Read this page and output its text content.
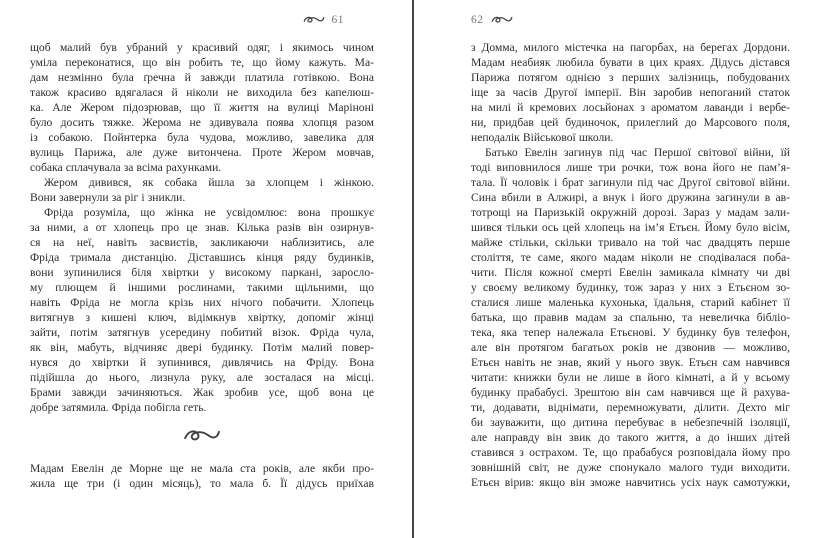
61
щоб малий був убраний у красивий одяг, і якимось чином
уміла переконатися, що він робить те, що йому кажуть. Ма-
дам незмінно була ґречна й завжди платила готівкою. Вона
також красиво вдягалася й ніколи не виходила без капелюш-
ка. Але Жером підозрював, що її життя на вулиці Маріноні
було досить тяжке. Жерома не здивувала поява хлопця разом
із собакою. Пойнтерка була чудова, можливо, завелика для
вулиць Парижа, але дуже витончена. Проте Жером мовчав,
собака сплачувала за всіма рахунками.
Жером дивився, як собака йшла за хлопцем і жінкою.
Вони завернули за ріг і зникли.
Фріда розуміла, що жінка не усвідомлює: вона прошкує
за ними, а от хлопець про це знав. Кілька разів він озирнув-
ся на неї, навіть засвистів, закликаючи наблизитись, але
Фріда тримала дистанцію. Діставшись кінця ряду будинків,
вони зупинилися біля хвіртки у високому паркані, заросло-
му плющем й іншими рослинами, такими щільними, що
навіть Фріда не могла крізь них нічого побачити. Хлопець
витягнув з кишені ключ, відімкнув хвіртку, допоміг жінці
зайти, потім затягнув усередину побитий візок. Фріда чула,
як він, мабуть, відчиняє двері будинку. Потім малий повер-
нувся до хвіртки й зупинився, дивлячись на Фріду. Вона
підійшла до нього, лизнула руку, але зосталася на місці.
Брами завжди зачиняються. Жак зробив усе, щоб вона це
добре затямила. Фріда побігла геть.
Мадам Евелін де Морне ще не мала ста років, але якби про-
жила ще три (і один місяць), то мала б. Її дідусь приїхав
62
з Домма, милого містечка на пагорбах, на берегах Дордони.
Мадам неабияк любила бувати в цих краях. Дідусь дістався
Парижа потягом однією з перших залізниць, побудованих
іще за часів Другої імперії. Він заробив непоганий статок
на милі й кремових лосьйонах з ароматом лаванди і вербе-
ни, придбав цей будиночок, прилеглий до Марсового поля,
неподалік Військової школи.
Батько Евелін загинув під час Першої світової війни, їй
тоді виповнилося лише три рочки, тож вона його не пам’я-
тала. Її чоловік і брат загинули під час Другої світової війни.
Сина вбили в Алжирі, а внук і його дружина загинули в ав-
тотрощі на Паризькій окружній дорозі. Зараз у мадам зали-
шився тільки ось цей хлопець на ім’я Етьєн. Йому було вісім,
майже стільки, скільки тривало на той час двадцять перше
століття, те саме, якого мадам ніколи не сподівалася поба-
чити. Після кожної смерті Евелін замикала кімнату чи дві
у своєму великому будинку, тож зараз у них з Етьєном зо-
сталися лише маленька кухонька, їдальня, старий кабінет її
батька, що правив мадам за спальню, та невеличка бібліо-
тека, яка тепер належала Етьєнові. У будинку був телефон,
але він протягом багатьох років не дзвонив — можливо,
Етьєн навіть не знав, який у нього звук. Етьєн сам навчився
читати: книжки були не лише в його кімнаті, а й у всьому
будинку прабабусі. Зрештою він сам навчився ще й рахува-
ти, додавати, віднімати, перемножувати, ділити. Дехто міг
би зауважити, що дитина перебуває в небезпечній ізоляції,
але направду він звик до такого життя, а до інших дітей
ставився з острахом. Те, що прабабуся розповідала йому про
зовнішній світ, не дуже спонукало малого туди виходити.
Етьєн вірив: якщо він зможе навчитись усіх наук самотужки,
